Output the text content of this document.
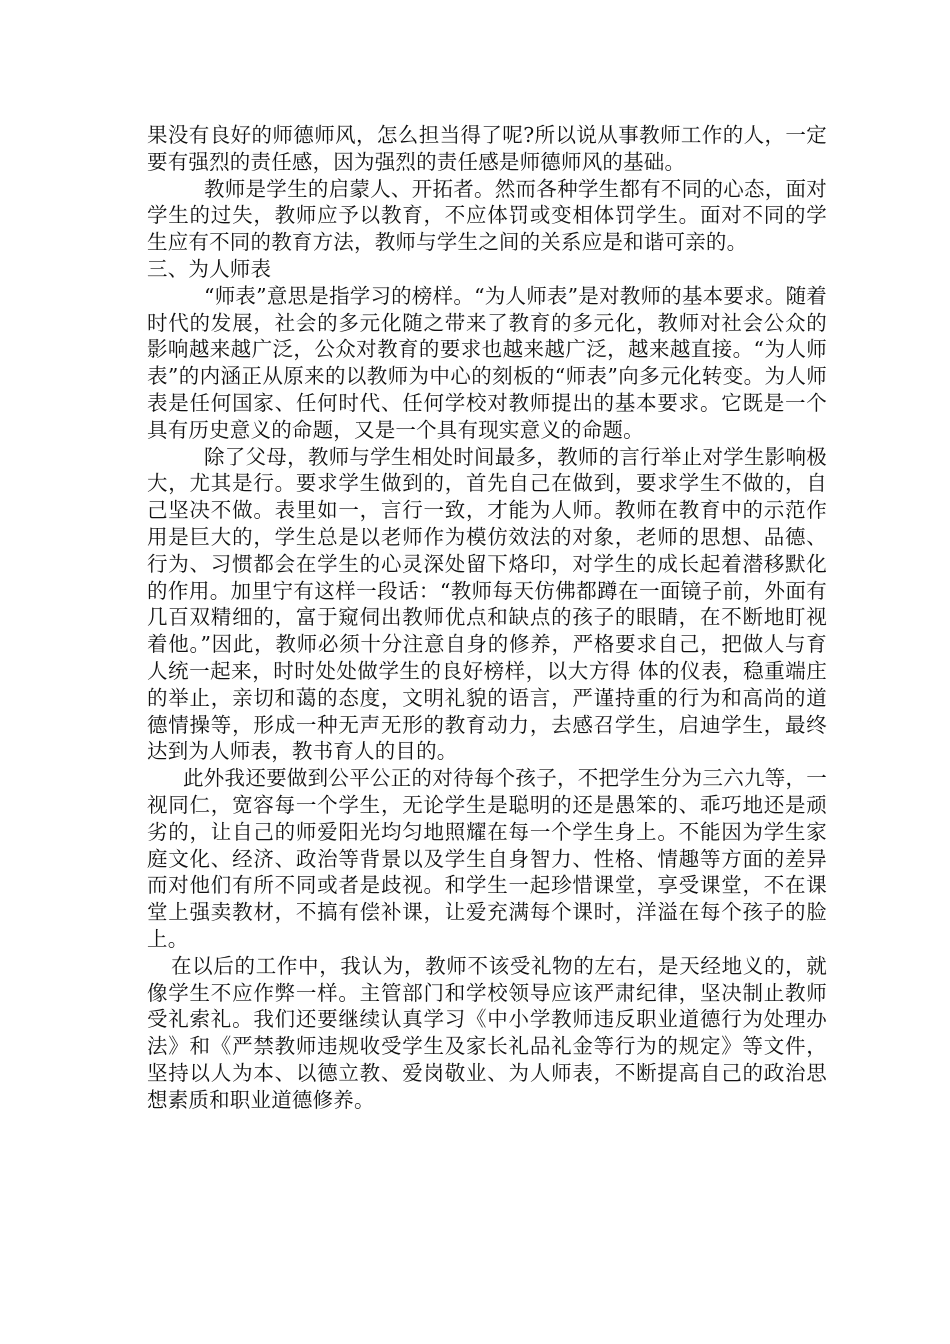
果没有良好的师德师风，怎么担当得了呢?所以说从事教师工作的人，一定要有强烈的责任感，因为强烈的责任感是师德师风的基础。

教师是学生的启蒙人、开拓者。然而各种学生都有不同的心态，面对学生的过失，教师应予以教育，不应体罚或变相体罚学生。面对不同的学生应有不同的教育方法，教师与学生之间的关系应是和谐可亲的。

三、为人师表

“师表”意思是指学习的榜样。“为人师表”是对教师的基本要求。随着时代的发展，社会的多元化随之带来了教育的多元化，教师对社会公众的影响越来越广泛，公众对教育的要求也越来越广泛，越来越直接。“为人师表”的内涵正从原来的以教师为中心的刻板的“师表”向多元化转变。为人师表是任何国家、任何时代、任何学校对教师提出的基本要求。它既是一个具有历史意义的命题，又是一个具有现实意义的命题。

除了父母，教师与学生相处时间最多，教师的言行举止对学生影响极大，尤其是行。要求学生做到的，首先自己在做到，要求学生不做的，自己坚决不做。表里如一，言行一致，才能为人师。教师在教育中的示范作用是巨大的，学生总是以老师作为模仿效法的对象，老师的思想、品德、行为、习惯都会在学生的心灵深处留下烙印，对学生的成长起着潜移默化的作用。加里宁有这样一段话：“教师每天仿佛都蹲在一面镜子前，外面有几百双精细的，富于窥伺出教师优点和缺点的孩子的眼睛，在不断地盯视着他。”因此，教师必须十分注意自身的修养，严格要求自己，把做人与育人统一起来，时时处处做学生的良好榜样，以大方得 体的仪表，稳重端庄的举止，亲切和蔼的态度，文明礼貌的语言，严谨持重的行为和高尚的道德情操等，形成一种无声无形的教育动力，去感召学生，启迪学生，最终达到为人师表，教书育人的目的。

此外我还要做到公平公正的对待每个孩子，不把学生分为三六九等，一视同仁，宽容每一个学生，无论学生是聪明的还是愚笨的、乖巧地还是顽劣的，让自己的师爱阳光均匀地照耀在每一个学生身上。不能因为学生家庭文化、经济、政治等背景以及学生自身智力、性格、情趣等方面的差异而对他们有所不同或者是歧视。和学生一起珍惜课堂，享受课堂，不在课堂上强卖教材，不搞有偿补课，让爱充满每个课时，洋溢在每个孩子的脸上。

在以后的工作中，我认为，教师不该受礼物的左右，是天经地义的，就像学生不应作弊一样。主管部门和学校领导应该严肃纪律，坚决制止教师受礼索礼。我们还要继续认真学习《中小学教师违反职业道德行为处理办法》和《严禁教师违规收受学生及家长礼品礼金等行为的规定》等文件，坚持以人为本、以德立教、爱岗敬业、为人师表，不断提高自己的政治思想素质和职业道德修养。
